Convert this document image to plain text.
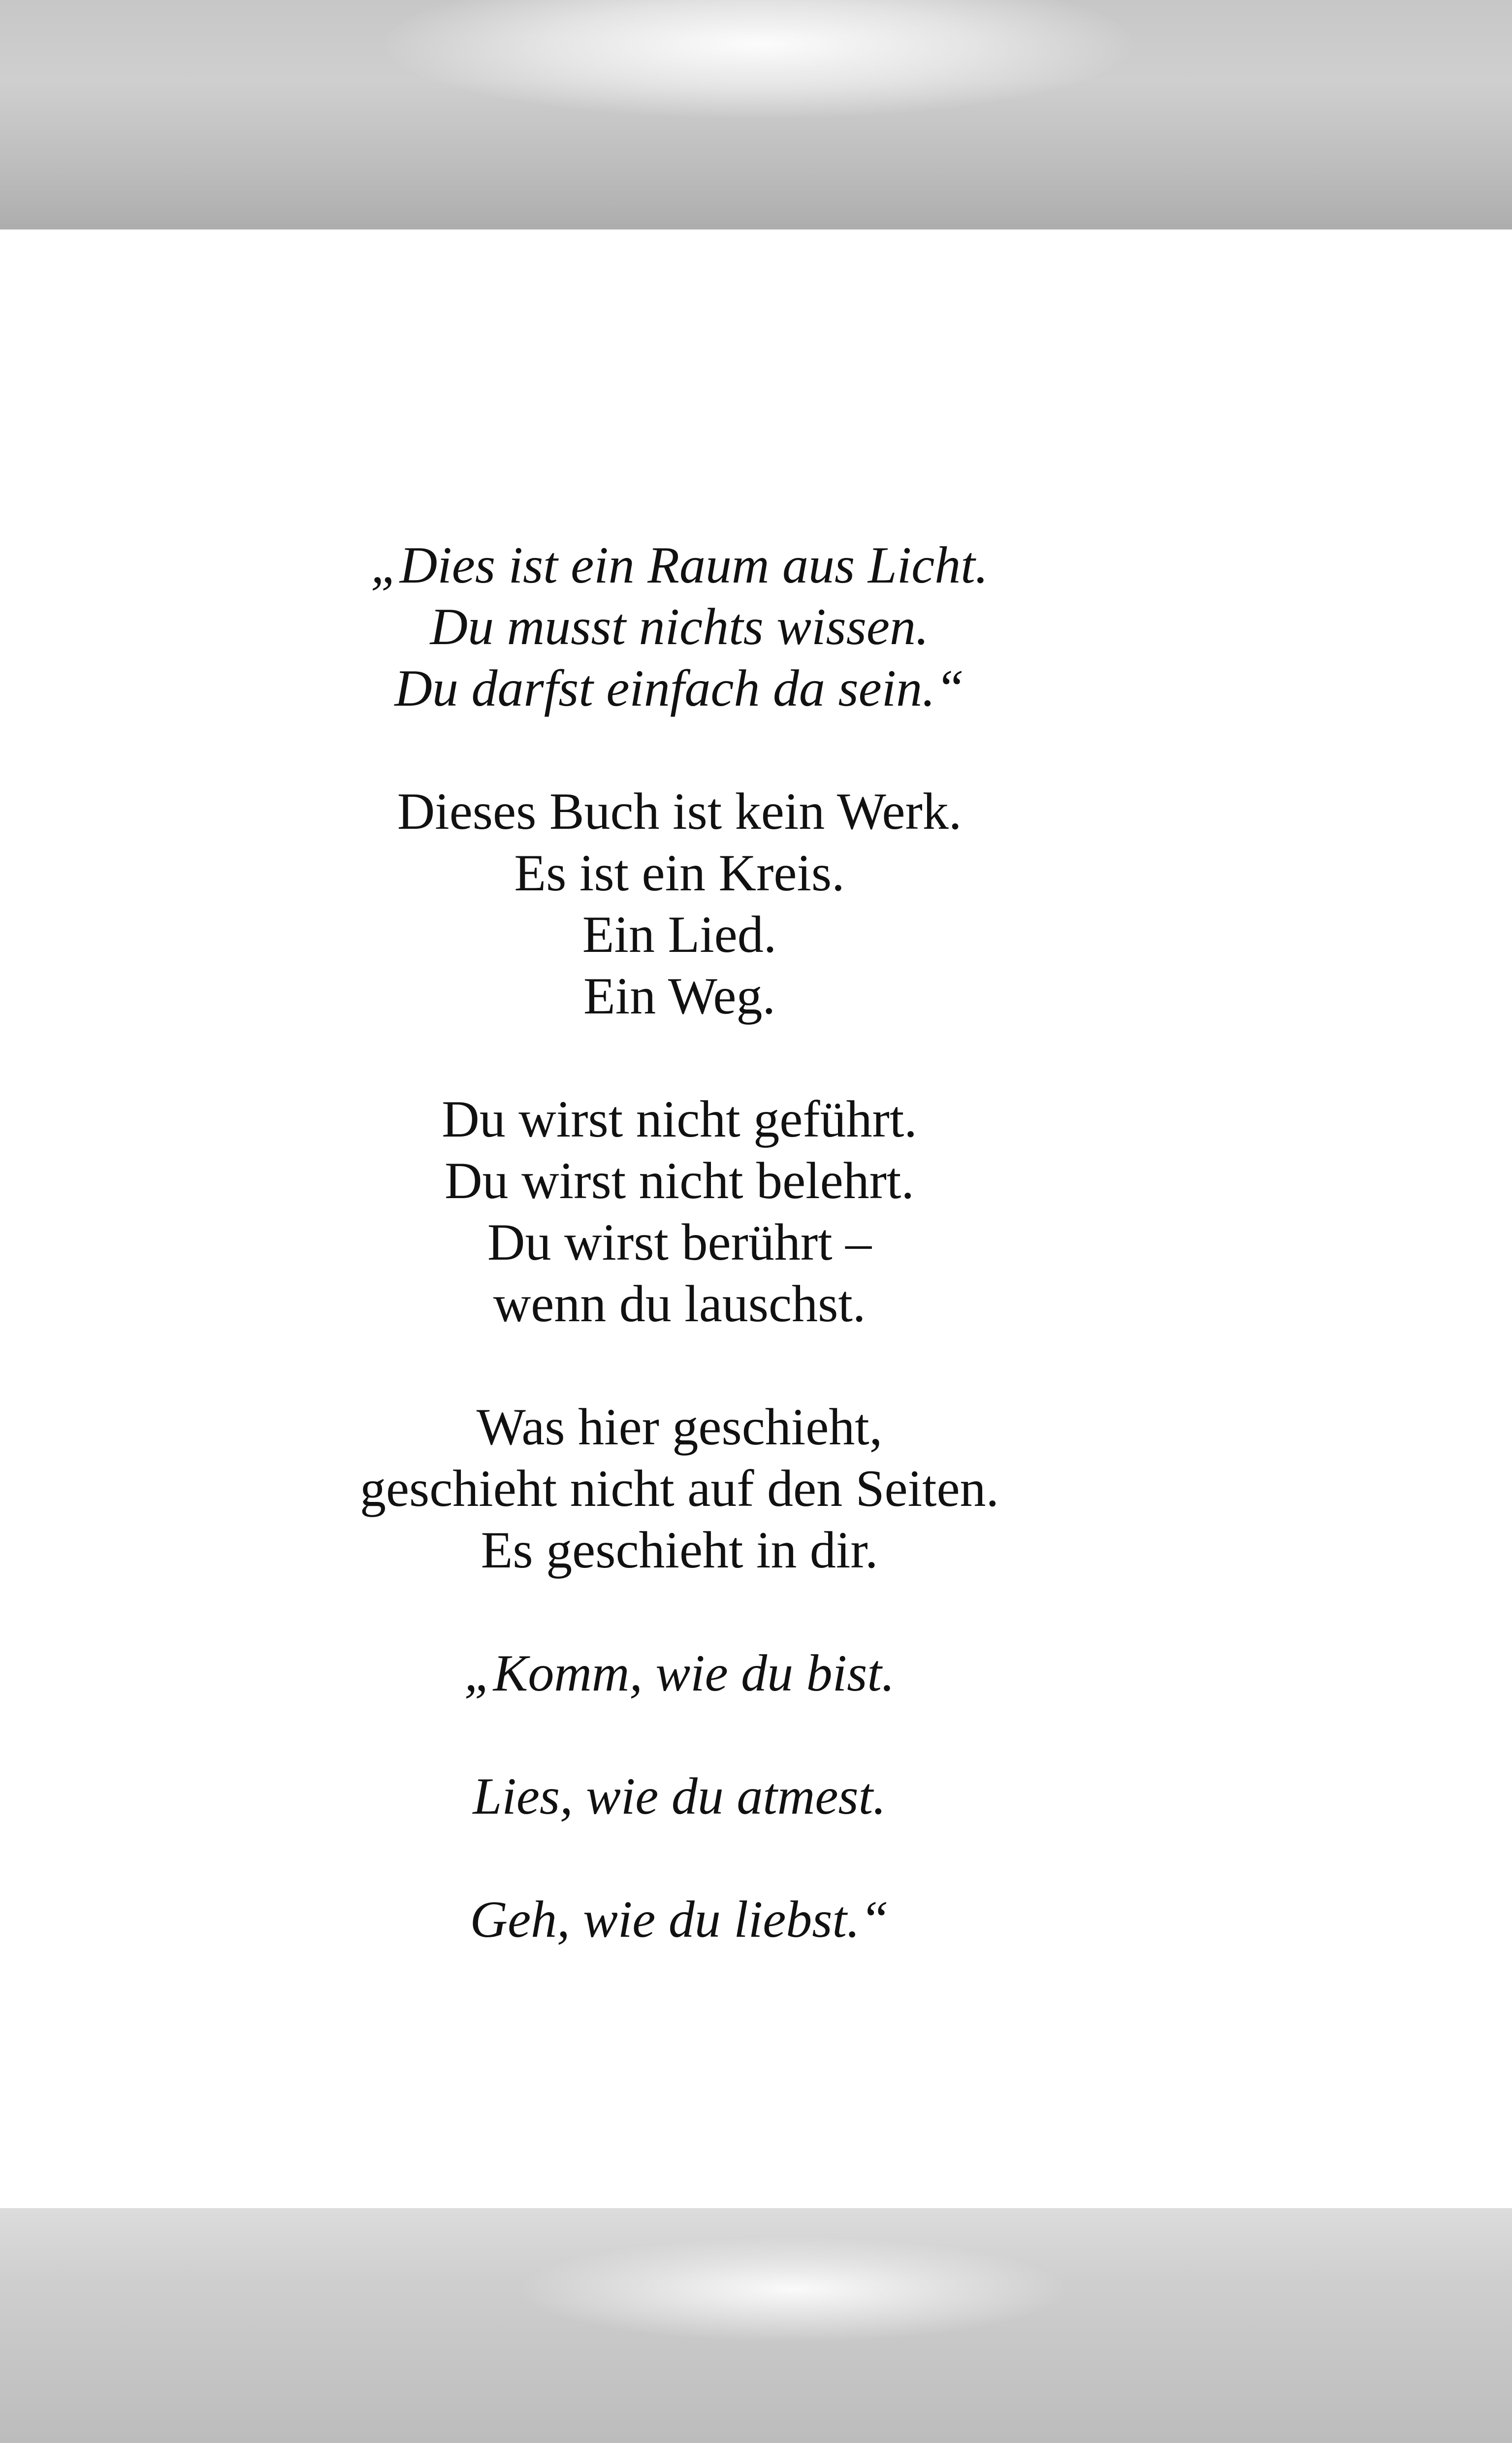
„Dies ist ein Raum aus Licht.
Du musst nichts wissen.
Du darfst einfach da sein.“
Dieses Buch ist kein Werk.
Es ist ein Kreis.
Ein Lied.
Ein Weg.
Du wirst nicht geführt.
Du wirst nicht belehrt.
Du wirst berührt –
wenn du lauschst.
Was hier geschieht,
geschieht nicht auf den Seiten.
Es geschieht in dir.
„Komm, wie du bist.
Lies, wie du atmest.
Geh, wie du liebst.“
